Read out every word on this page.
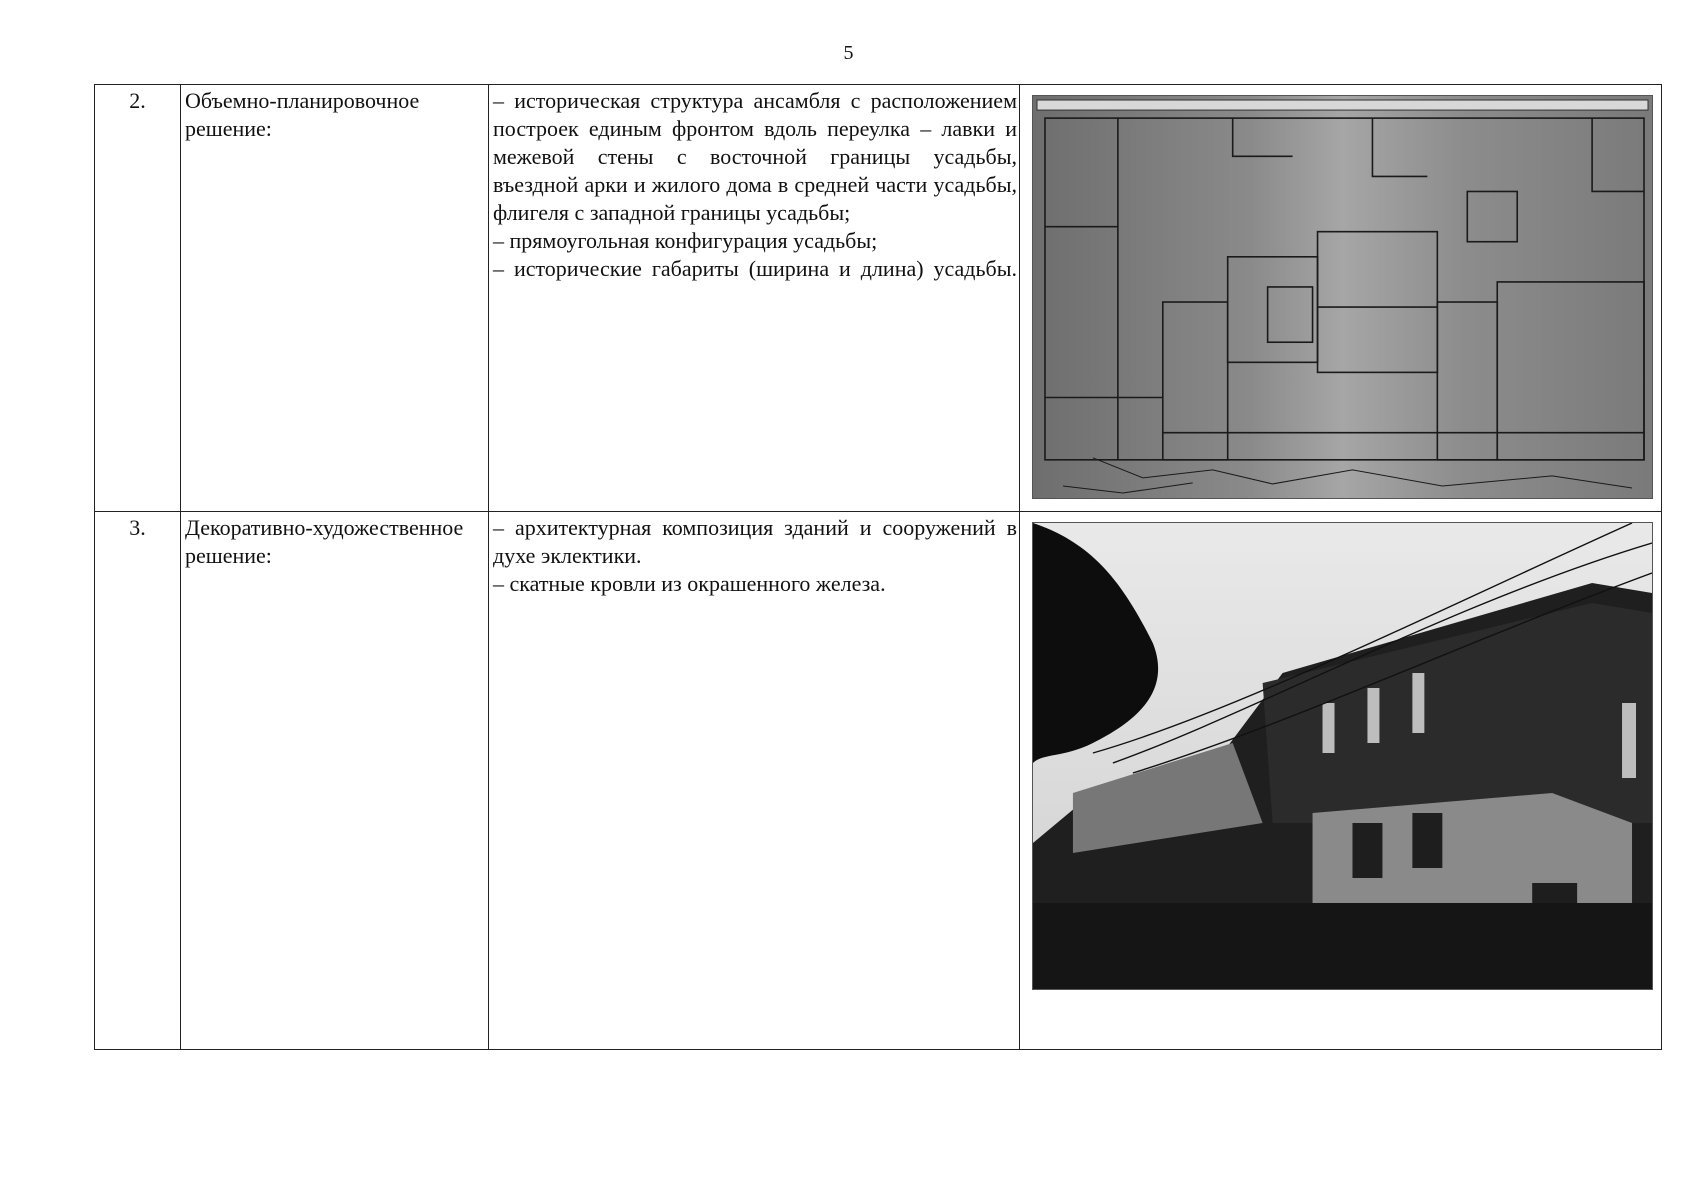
5
2.	Объемно-планировочное решение:	– историческая структура ансамбля с расположением построек единым фронтом вдоль переулка – лавки и межевой стены с восточной границы усадьбы, въездной арки и жилого дома в средней части усадьбы, флигеля с западной границы усадьбы;

– прямоугольная конфигурация усадьбы;

– исторические габариты (ширина и длина) усадьбы.

3.	Декоративно-художественное решение:	– архитектурная композиция зданий и сооружений в духе эклектики.

– скатные кровли из окрашенного железа.
